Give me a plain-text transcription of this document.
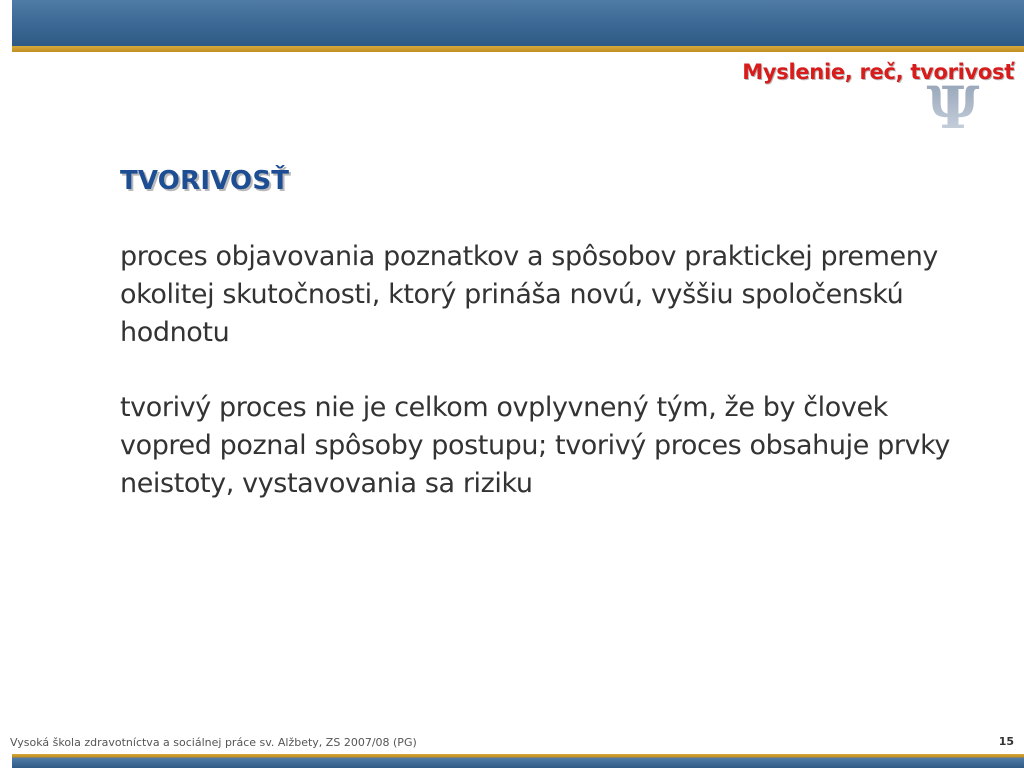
Ψ
Myslenie, reč, tvorivosť
TVORIVOSŤ
proces objavovania poznatkov a spôsobov praktickej premeny okolitej skutočnosti, ktorý prináša novú, vyššiu spoločenskú hodnotu
tvorivý proces nie je celkom ovplyvnený tým, že by človek vopred poznal spôsoby postupu; tvorivý proces obsahuje prvky neistoty, vystavovania sa riziku
Vysoká škola zdravotníctva a sociálnej práce sv. Alžbety, ZS 2007/08 (PG)	15
